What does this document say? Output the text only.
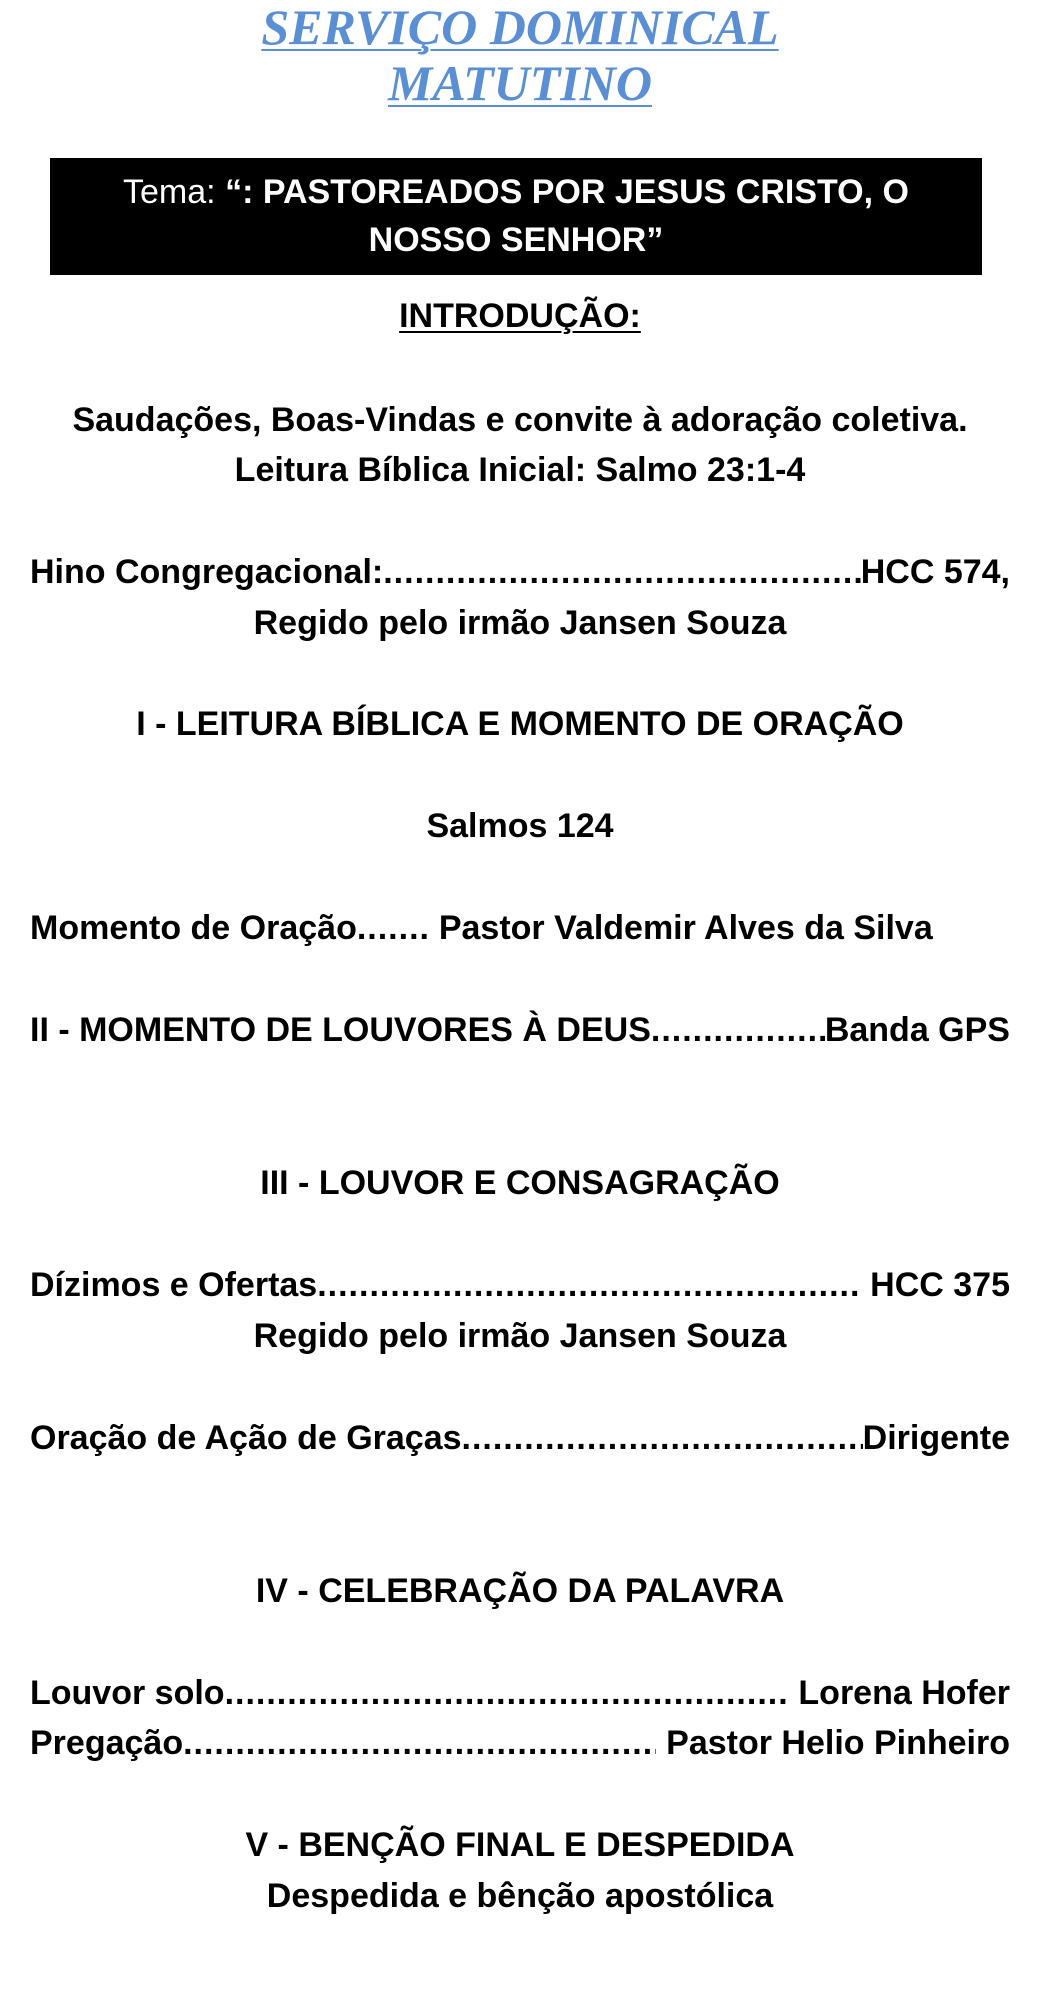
SERVIÇO DOMINICAL
MATUTINO
Tema: “: PASTOREADOS POR JESUS CRISTO, O
NOSSO SENHOR”
INTRODUÇÃO:
Saudações, Boas-Vindas e convite à adoração coletiva.
Leitura Bíblica Inicial: Salmo 23:1-4
Hino Congregacional: .....	HCC 574,
Regido pelo irmão Jansen Souza
I - LEITURA BÍBLICA E MOMENTO DE ORAÇÃO
Salmos 124
Momento de Oração ..... Pastor Valdemir Alves da Silva
II - MOMENTO DE LOUVORES À DEUS .....	Banda GPS
III - LOUVOR E CONSAGRAÇÃO
Dízimos e Ofertas .....	HCC 375
Regido pelo irmão Jansen Souza
Oração de Ação de Graças .....	Dirigente
IV - CELEBRAÇÃO DA PALAVRA
Louvor solo .....	Lorena Hofer
Pregação .....	Pastor Helio Pinheiro
V - BENÇÃO FINAL E DESPEDIDA
Despedida e bênção apostólica
